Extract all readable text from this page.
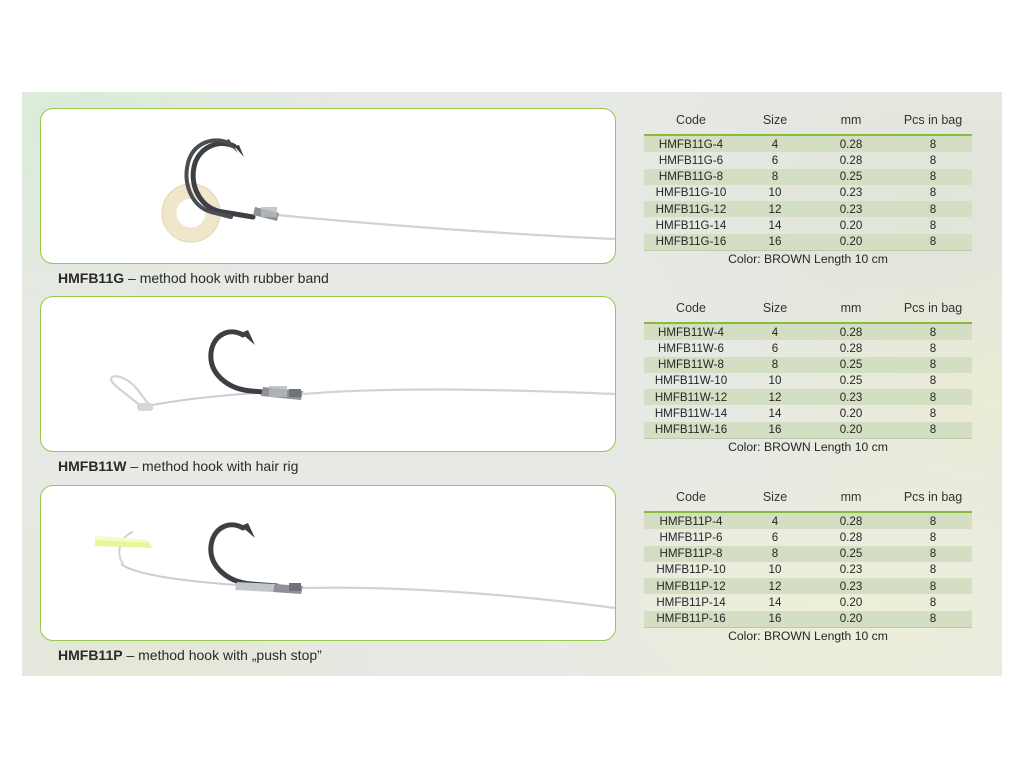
HMFB11G – method hook with rubber band
Code	Size	mm	Pcs in bag
HMFB11G-4	4	0.28	8
HMFB11G-6	6	0.28	8
HMFB11G-8	8	0.25	8
HMFB11G-10	10	0.23	8
HMFB11G-12	12	0.23	8
HMFB11G-14	14	0.20	8
HMFB11G-16	16	0.20	8
Color: BROWN Length 10 cm
HMFB11W – method hook with hair rig
Code	Size	mm	Pcs in bag
HMFB11W-4	4	0.28	8
HMFB11W-6	6	0.28	8
HMFB11W-8	8	0.25	8
HMFB11W-10	10	0.25	8
HMFB11W-12	12	0.23	8
HMFB11W-14	14	0.20	8
HMFB11W-16	16	0.20	8
Color: BROWN Length 10 cm
HMFB11P – method hook with „push stop”
Code	Size	mm	Pcs in bag
HMFB11P-4	4	0.28	8
HMFB11P-6	6	0.28	8
HMFB11P-8	8	0.25	8
HMFB11P-10	10	0.23	8
HMFB11P-12	12	0.23	8
HMFB11P-14	14	0.20	8
HMFB11P-16	16	0.20	8
Color: BROWN Length 10 cm
